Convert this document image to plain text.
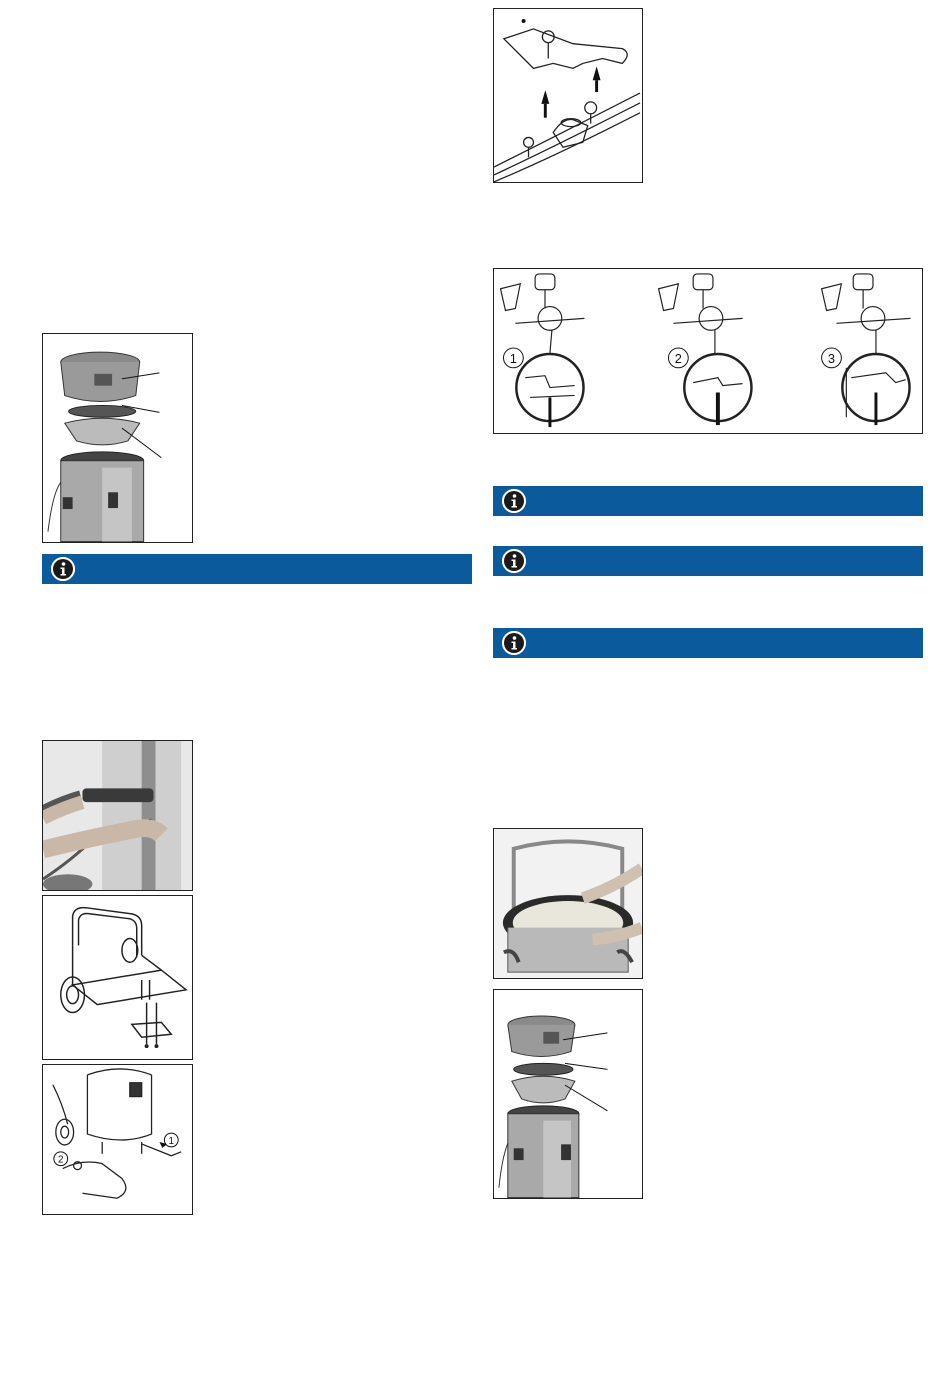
1
2
1	2	3
